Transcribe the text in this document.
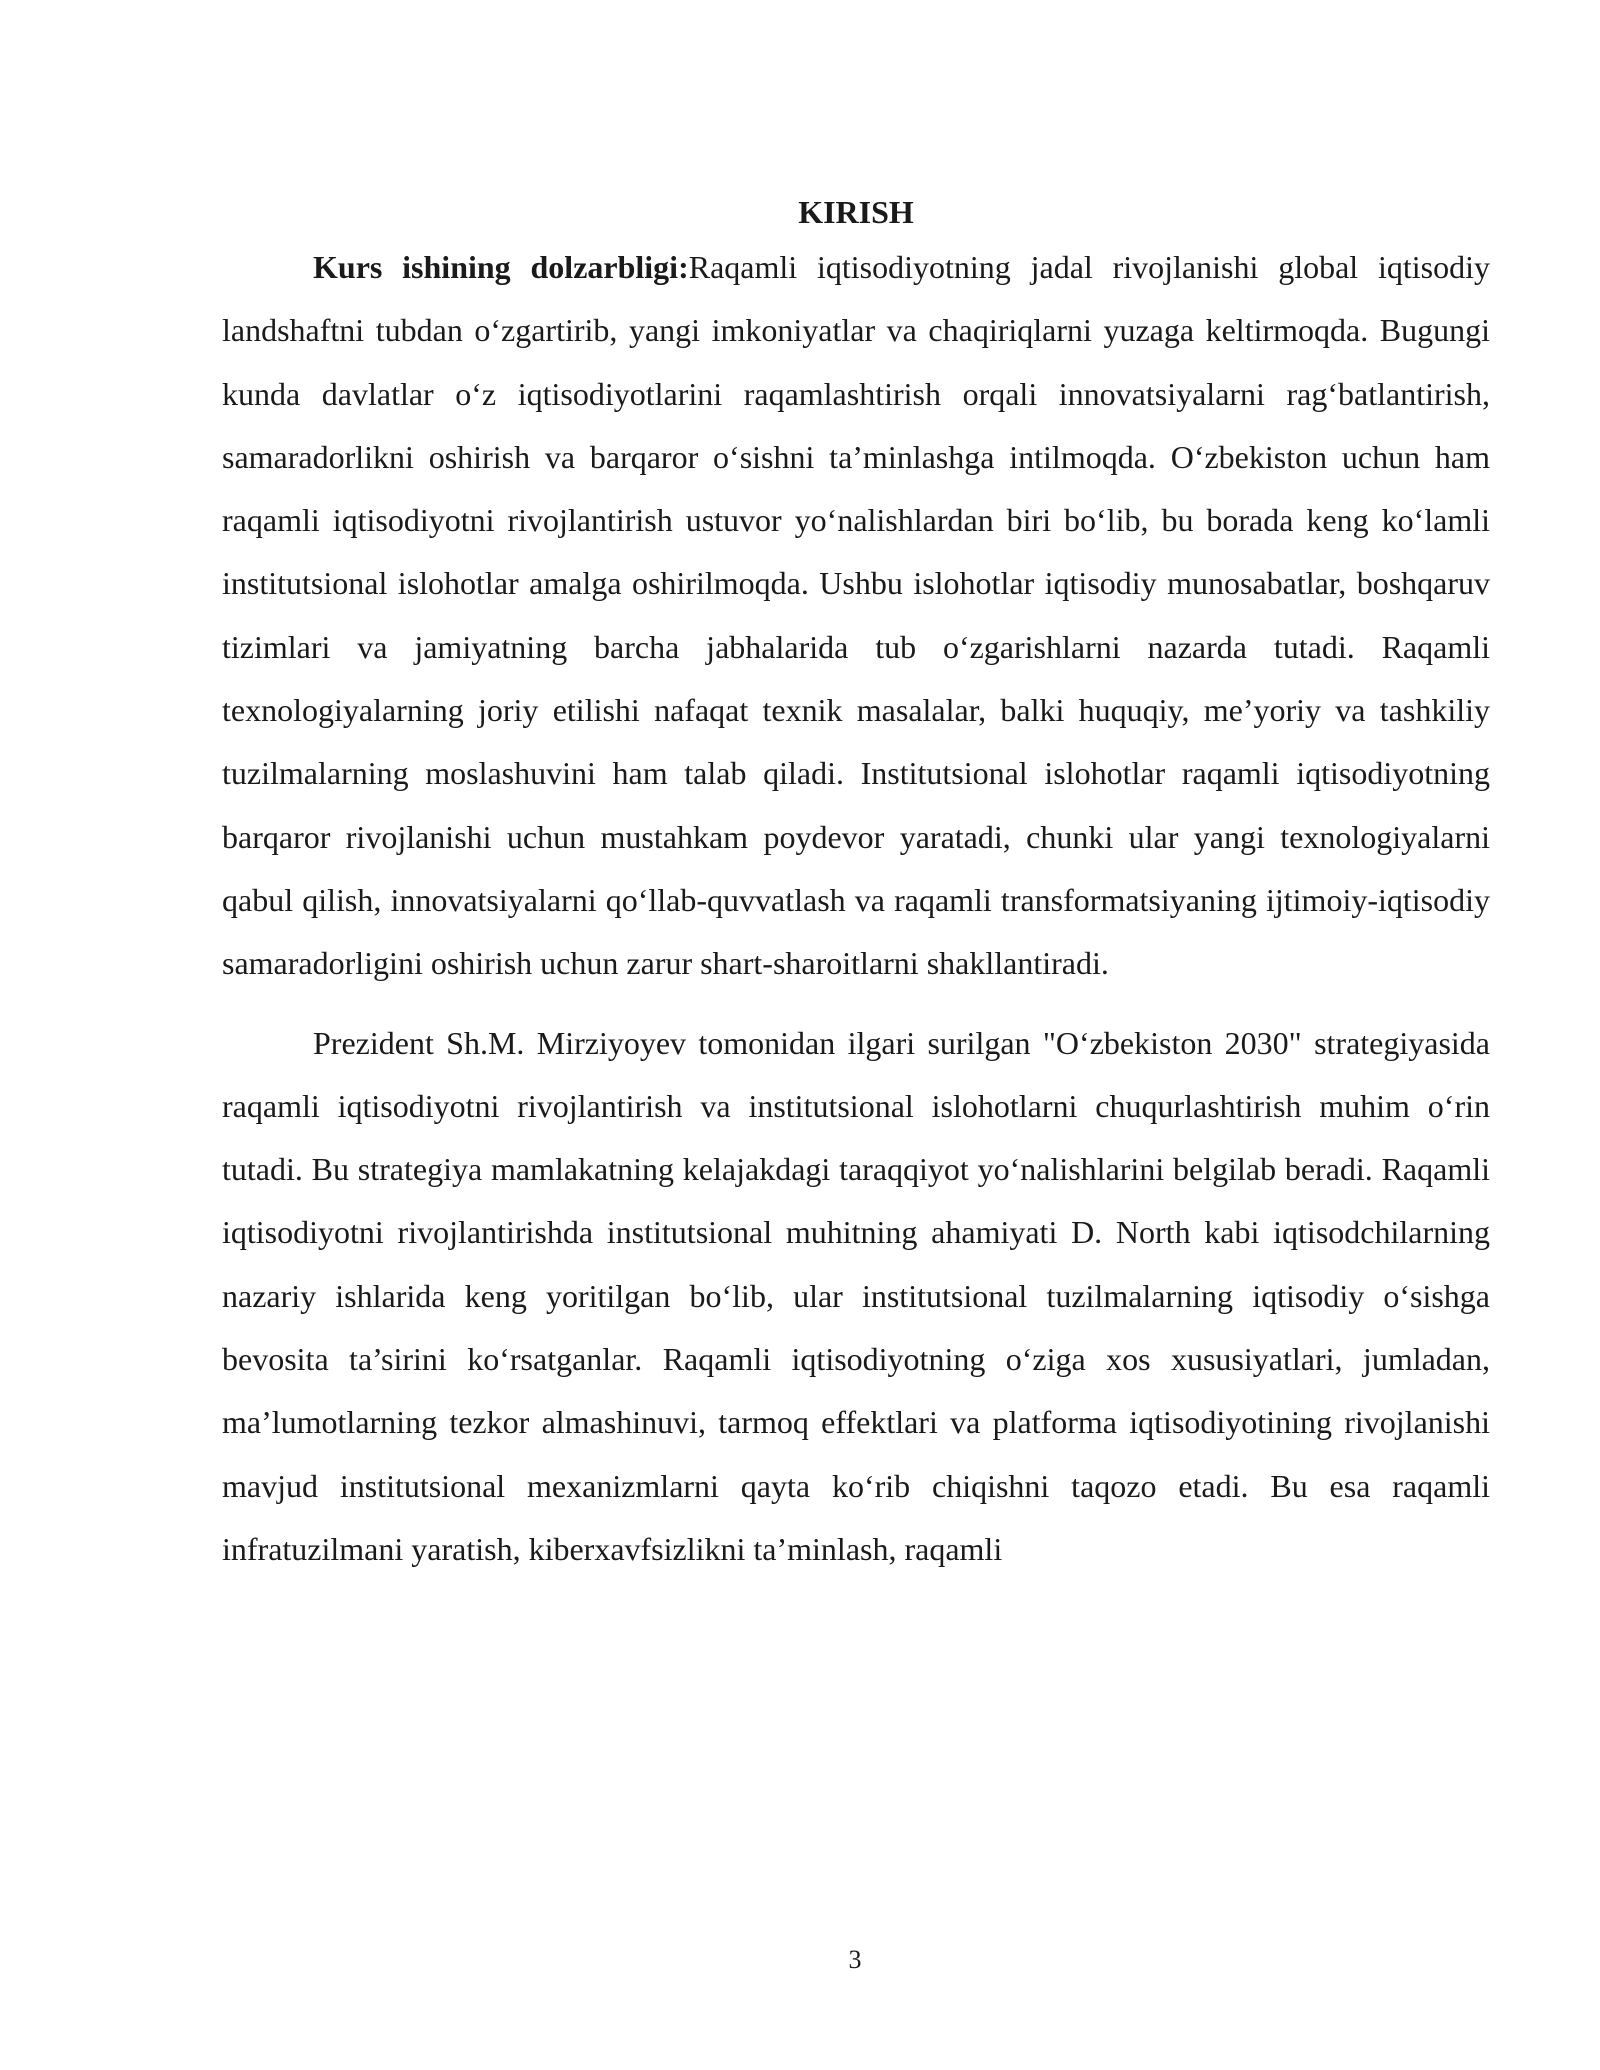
KIRISH

Kurs ishining dolzarbligi:Raqamli iqtisodiyotning jadal rivojlanishi global iqtisodiy landshaftni tubdan o‘zgartirib, yangi imkoniyatlar va chaqiriqlarni yuzaga keltirmoqda. Bugungi kunda davlatlar o‘z iqtisodiyotlarini raqamlashtirish orqali innovatsiyalarni rag‘batlantirish, samaradorlikni oshirish va barqaror o‘sishni ta’minlashga intilmoqda. O‘zbekiston uchun ham raqamli iqtisodiyotni rivojlantirish ustuvor yo‘nalishlardan biri bo‘lib, bu borada keng ko‘lamli institutsional islohotlar amalga oshirilmoqda. Ushbu islohotlar iqtisodiy munosabatlar, boshqaruv tizimlari va jamiyatning barcha jabhalarida tub o‘zgarishlarni nazarda tutadi. Raqamli texnologiyalarning joriy etilishi nafaqat texnik masalalar, balki huquqiy, me’yoriy va tashkiliy tuzilmalarning moslashuvini ham talab qiladi. Institutsional islohotlar raqamli iqtisodiyotning barqaror rivojlanishi uchun mustahkam poydevor yaratadi, chunki ular yangi texnologiyalarni qabul qilish, innovatsiyalarni qo‘llab-quvvatlash va raqamli transformatsiyaning ijtimoiy-iqtisodiy samaradorligini oshirish uchun zarur shart-sharoitlarni shakllantiradi.

Prezident Sh.M. Mirziyoyev tomonidan ilgari surilgan "O‘zbekiston 2030" strategiyasida raqamli iqtisodiyotni rivojlantirish va institutsional islohotlarni chuqurlashtirish muhim o‘rin tutadi. Bu strategiya mamlakatning kelajakdagi taraqqiyot yo‘nalishlarini belgilab beradi. Raqamli iqtisodiyotni rivojlantirishda institutsional muhitning ahamiyati D. North kabi iqtisodchilarning nazariy ishlarida keng yoritilgan bo‘lib, ular institutsional tuzilmalarning iqtisodiy o‘sishga bevosita ta’sirini ko‘rsatganlar. Raqamli iqtisodiyotning o‘ziga xos xususiyatlari, jumladan, ma’lumotlarning tezkor almashinuvi, tarmoq effektlari va platforma iqtisodiyotining rivojlanishi mavjud institutsional mexanizmlarni qayta ko‘rib chiqishni taqozo etadi. Bu esa raqamli infratuzilmani yaratish, kiberxavfsizlikni ta’minlash, raqamli

3
